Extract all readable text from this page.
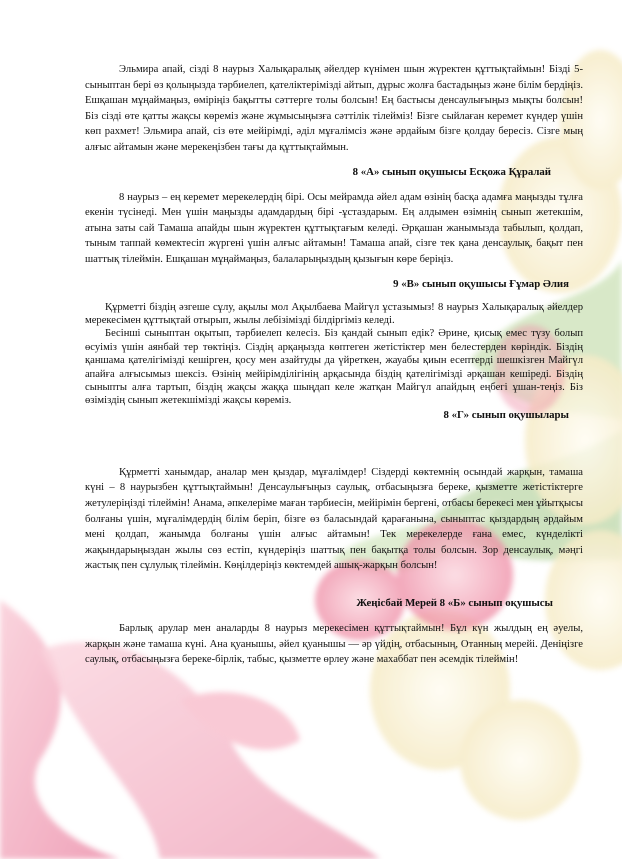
Эльмира апай, сізді 8 наурыз Халықаралық әйелдер күнімен шын жүректен құттықтаймын! Бізді 5-сыныптан бері өз қолыңызда тәрбиелеп, қателіктерімізді айтып, дұрыс жолға бастадыңыз және білім бердіңіз. Ешқашан мұңаймаңыз, өміріңіз бақытты сәттерге толы болсын! Ең бастысы денсаулығыңыз мықты болсын! Біз сізді өте қатты жақсы көреміз және жұмысыңызға сәттілік тілейміз! Бізге сыйлаған керемет күндер үшін көп рахмет! Эльмира апай, сіз өте мейірімді, әділ мұғалімсіз және әрдайым бізге қолдау бересіз. Сізге мың алғыс айтамын және мерекеңізбен тағы да құттықтаймын.

8 «А» сынып оқушысы Есқожа Құралай

8 наурыз – ең керемет мерекелердің бірі. Осы мейрамда әйел адам өзінің басқа адамға маңызды тұлға екенін түсінеді. Мен үшін маңызды адамдардың бірі -ұстаздарым. Ең алдымен өзімнің сынып жетекшім, атына заты сай Тамаша апайды шын жүректен құттықтағым келеді. Әрқашан жанымызда табылып, қолдап, тыным таппай көмектесіп жүргені үшін алғыс айтамын! Тамаша апай, сізге тек қана денсаулық, бақыт пен шаттық тілеймін. Ешқашан мұңаймаңыз, балаларыңыздың қызығын көре беріңіз.

9 «В» сынып оқушысы Ғұмар Әлия

Құрметті біздің әзгеше сұлу, ақылы мол Ақылбаева Майгүл ұстазымыз! 8 наурыз Халықаралық әйелдер мерекесімен құттықтай отырып, жылы лебізімізді білдіргіміз келеді.

Бесінші сыныптан оқытып, тәрбиелеп келесіз. Біз қандай сынып едік? Әрине, қисық емес түзу болып өсуіміз үшін аянбай тер төктіңіз. Сіздің арқаңызда көптеген жетістіктер мен белестерден көріндік. Біздің қаншама қателігімізді кешірген, қосу мен азайтуды да үйреткен, жауабы қиын есептерді шешкізген Майгүл апайға алғысымыз шексіз. Өзінің мейірімділігінің арқасында біздің қателігімізді әрқашан кешіреді. Біздің сыныпты алға тартып, біздің жақсы жаққа шыңдап келе жатқан Майгүл апайдың еңбегі ұшан-теңіз. Біз өзіміздің сынып жетекшімізді жақсы көреміз.

8 «Г» сынып оқушылары

Құрметті ханымдар, аналар мен қыздар, мұғалімдер! Сіздерді көктемнің осындай жарқын, тамаша күні – 8 наурызбен құттықтаймын! Денсаулығыңыз саулық, отбасыңызға береке, қызметте жетістіктерге жетулеріңізді тілеймін! Анама, әпкелеріме маған тәрбиесін, мейірімін бергені, отбасы берекесі мен ұйытқысы болғаны үшін, мұғалімдердің білім беріп, бізге өз баласындай қарағанына, сыныптас қыздардың әрдайым мені қолдап, жанымда болғаны үшін алғыс айтамын! Тек мерекелерде ғана емес, күнделікті жақындарыңыздан жылы сөз естіп, күндеріңіз шаттық пен бақытқа толы болсын. Зор денсаулық, мәңгі жастық пен сұлулық тілеймін. Көңілдеріңіз көктемдей ашық-жарқын болсын!

Жеңісбай Мерей 8 «Б» сынып оқушысы

Барлық арулар мен аналарды 8 наурыз мерекесімен құттықтаймын! Бұл күн жылдың ең әуелы, жарқын және тамаша күні. Ана қуанышы, әйел қуанышы — әр үйдің, отбасының, Отанның мерейі. Деніңізге саулық, отбасыңызға береке-бірлік, табыс, қызметте өрлеу және махаббат пен әсемдік тілеймін!
